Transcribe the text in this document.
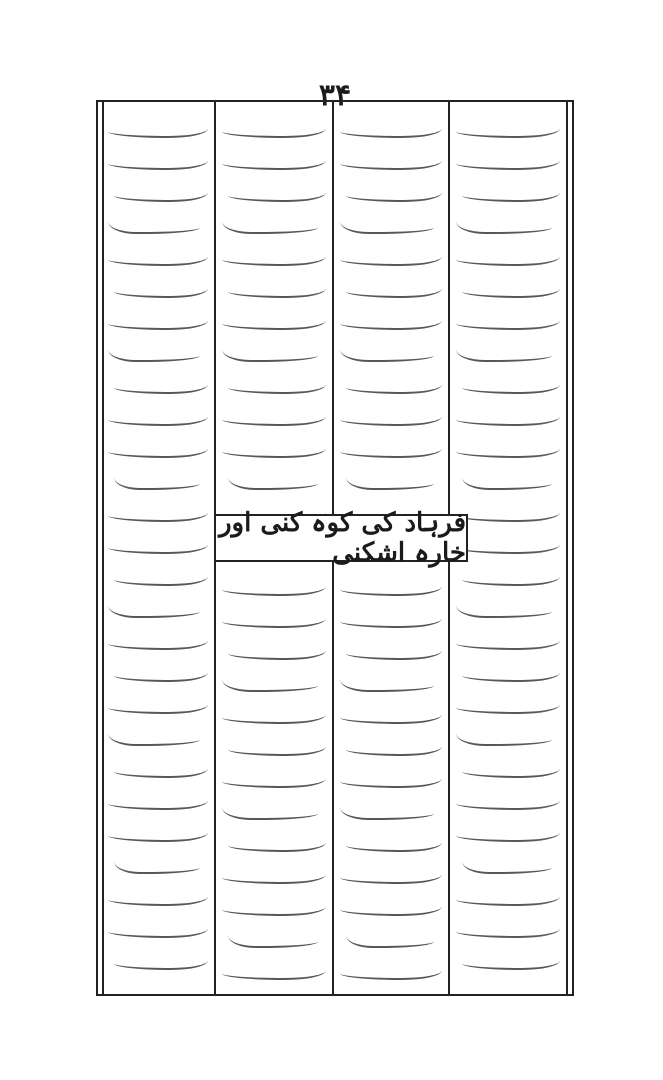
۳۴
فرہاد کی کوہ کنی اور خارہ اشکنی
